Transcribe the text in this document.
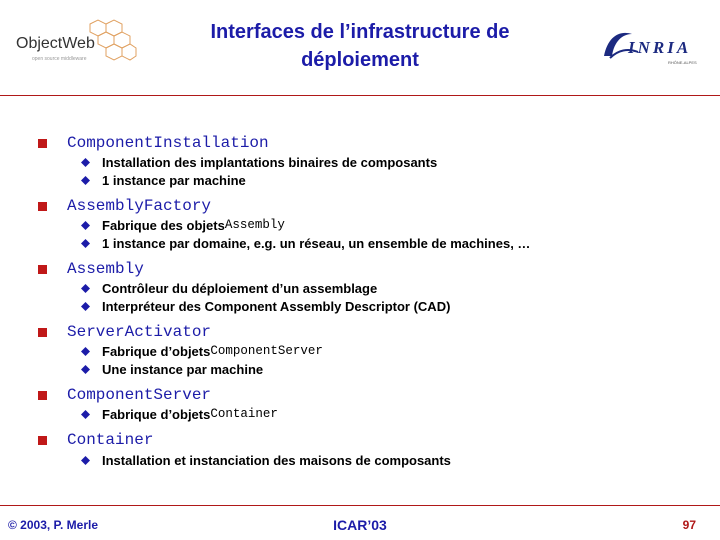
ObjectWeb
open source middleware
Interfaces de l’infrastructure de
déploiement
INRIA
RHÔNE-ALPES
ComponentInstallation
Installation des implantations binaires de composants
1 instance par machine
AssemblyFactory
Fabrique des objets Assembly
1 instance par domaine, e.g. un réseau, un ensemble de machines, …
Assembly
Contrôleur du déploiement d’un assemblage
Interpréteur des Component Assembly Descriptor (CAD)
ServerActivator
Fabrique d’objets ComponentServer
Une instance par machine
ComponentServer
Fabrique d’objets Container
Container
Installation et instanciation des maisons de composants
© 2003, P. Merle	ICAR’03	97
